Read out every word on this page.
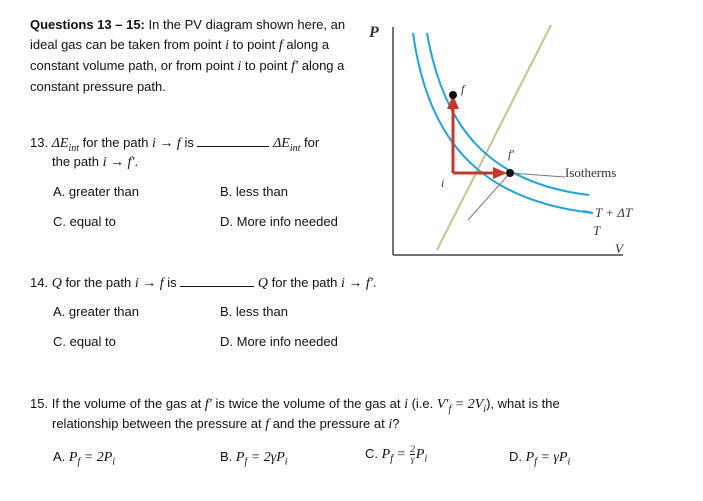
Questions 13 – 15: In the PV diagram shown here, an ideal gas can be taken from point i to point f along a constant volume path, or from point i to point f′ along a constant pressure path.
P
V
f
i
f′
Isotherms
T + ΔT
T
13. $\Delta E_{int}$ for the path i → f is	$\Delta E_{int}$ for
the path i → f′.
A. greater than	B. less than
C. equal to	D. More info needed
14. Q for the path i → f is	Q for the path i → f′.
A. greater than	B. less than
C. equal to	D. More info needed
15. If the volume of the gas at f′ is twice the volume of the gas at i (i.e. $V'_f = 2V_i$), what is the
relationship between the pressure at f and the pressure at i?
A. $P_f = 2P_i$	B. $P_f = 2\gamma P_i$
C. $P_f = \frac{2}{\gamma} P_i$	D. $P_f = \gamma P_i$
